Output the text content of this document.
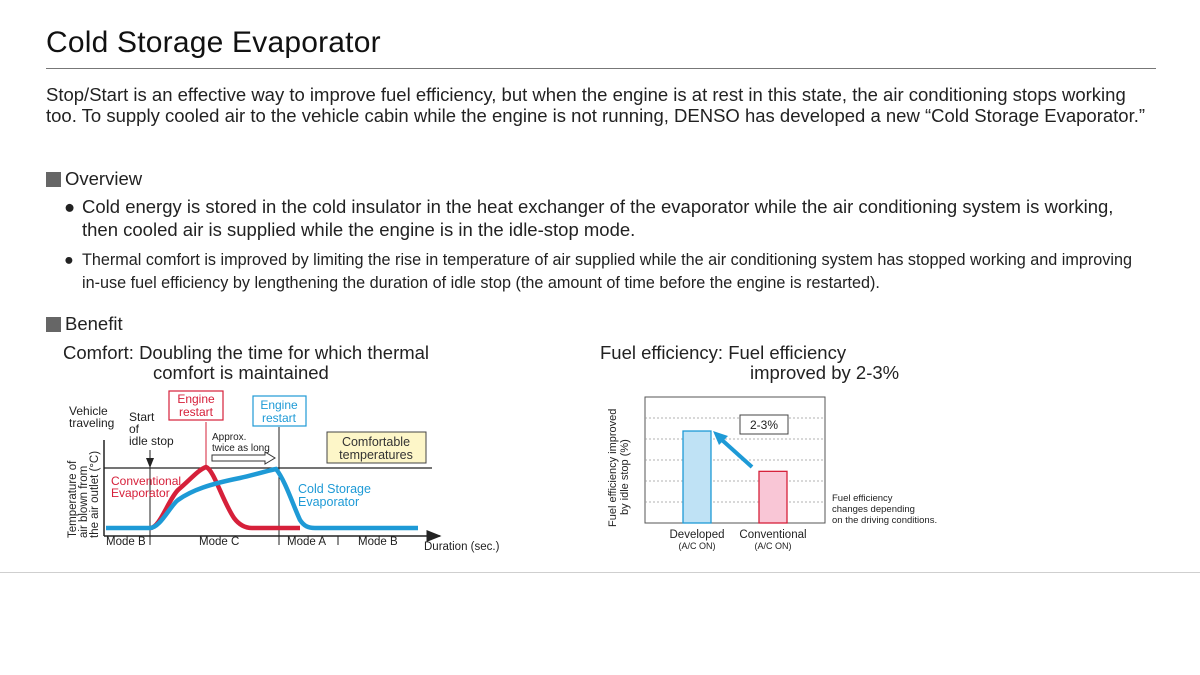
Cold Storage Evaporator
Stop/Start is an effective way to improve fuel efficiency, but when the engine is at rest in this state, the air conditioning stops working too. To supply cooled air to the vehicle cabin while the engine is not running, DENSO has developed a new “Cold Storage Evaporator.”
Overview
● Cold energy is stored in the cold insulator in the heat exchanger of the evaporator while the air conditioning system is working, then cooled air is supplied while the engine is in the idle-stop mode.
● Thermal comfort is improved by limiting the rise in temperature of air supplied while the air conditioning system has stopped working and improving in-use fuel efficiency by lengthening the duration of idle stop (the amount of time before the engine is restarted).
Benefit
Comfort: Doubling the time for which thermal
comfort is maintained
Fuel efficiency: Fuel efficiency
improved by 2-3%
Vehicle
traveling Start
of
idle stop
Engine
restart	Engine
restart
Approx.
twice as long	Comfortable
temperatures
Temperature of air blown from the air outlet (°C) Conventional
Evaporator	Cold Storage
Evaporator
Mode B	Mode C	Mode A	Mode B Duration (sec.)
Fuel efficiency improved by idle stop (%)
2-3%
Developed
(A/C ON)
Conventional
(A/C ON)
Fuel efficiency
changes depending
on the driving conditions.
